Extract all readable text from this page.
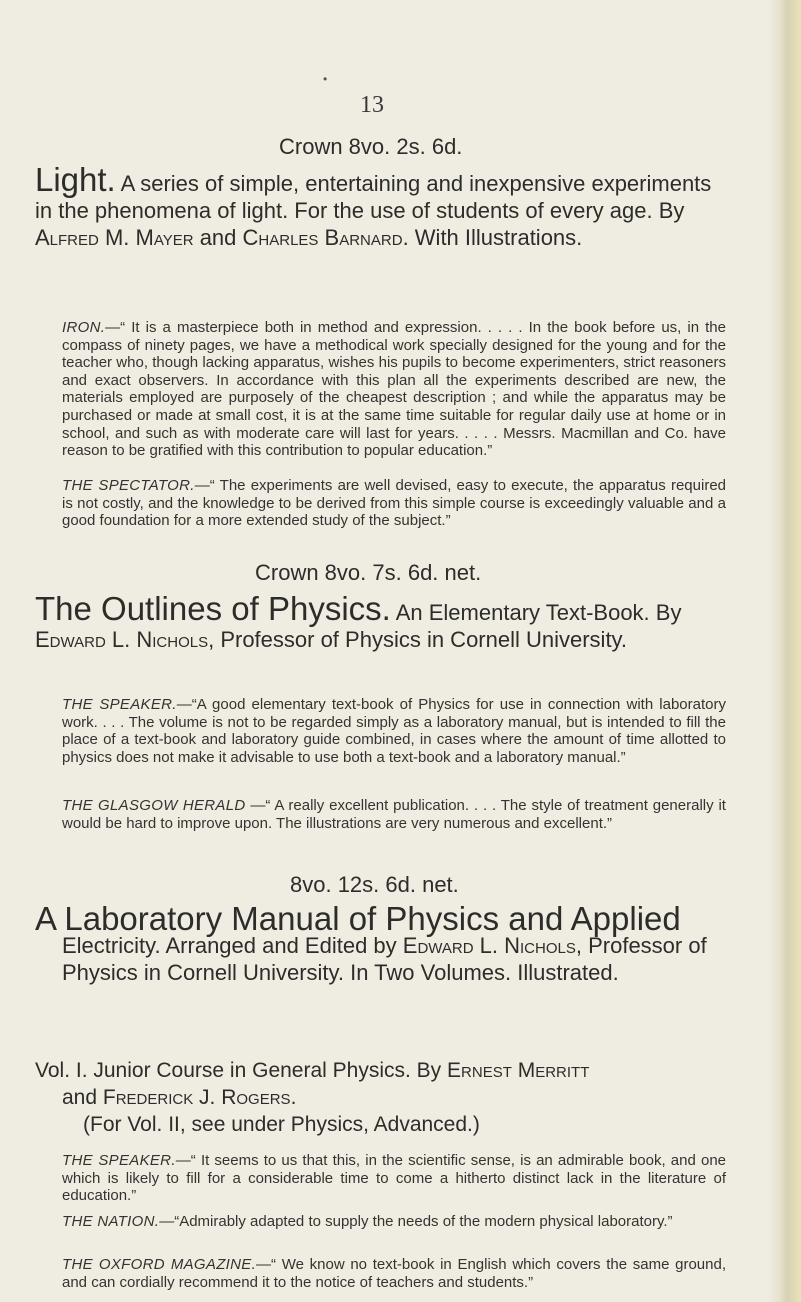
•
13
Crown 8vo. 2s. 6d.
Light. A series of simple, entertaining and inexpensive experiments in the phenomena of light. For the use of students of every age. By Alfred M. Mayer and Charles Barnard. With Illustrations.
IRON.—“ It is a masterpiece both in method and expression. . . . . In the book before us, in the compass of ninety pages, we have a methodical work specially designed for the young and for the teacher who, though lacking apparatus, wishes his pupils to become experimenters, strict reasoners and exact observers. In accordance with this plan all the experiments described are new, the materials employed are purposely of the cheapest description ; and while the apparatus may be purchased or made at small cost, it is at the same time suitable for regular daily use at home or in school, and such as with moderate care will last for years. . . . . Messrs. Macmillan and Co. have reason to be gratified with this contribution to popular education.”
THE SPECTATOR.—“ The experiments are well devised, easy to execute, the apparatus required is not costly, and the knowledge to be derived from this simple course is exceedingly valuable and a good foundation for a more extended study of the subject.”
Crown 8vo. 7s. 6d. net.
The Outlines of Physics. An Elementary Text-Book. By Edward L. Nichols, Professor of Physics in Cornell University.
THE SPEAKER.—“A good elementary text-book of Physics for use in connection with laboratory work. . . . The volume is not to be regarded simply as a laboratory manual, but is intended to fill the place of a text-book and laboratory guide combined, in cases where the amount of time allotted to physics does not make it advisable to use both a text-book and a laboratory manual.”
THE GLASGOW HERALD —“ A really excellent publication. . . . The style of treatment generally it would be hard to improve upon. The illustrations are very numerous and excellent.”
8vo. 12s. 6d. net.
A Laboratory Manual of Physics and Applied
Electricity. Arranged and Edited by Edward L. Nichols, Professor of Physics in Cornell University. In Two Volumes. Illustrated.
Vol. I. Junior Course in General Physics. By Ernest Merritt
and Frederick J. Rogers.
(For Vol. II, see under Physics, Advanced.)
THE SPEAKER.—“ It seems to us that this, in the scientific sense, is an admirable book, and one which is likely to fill for a considerable time to come a hitherto distinct lack in the literature of education.”
THE NATION.—“Admirably adapted to supply the needs of the modern physical laboratory.”
THE OXFORD MAGAZINE.—“ We know no text-book in English which covers the same ground, and can cordially recommend it to the notice of teachers and students.”
